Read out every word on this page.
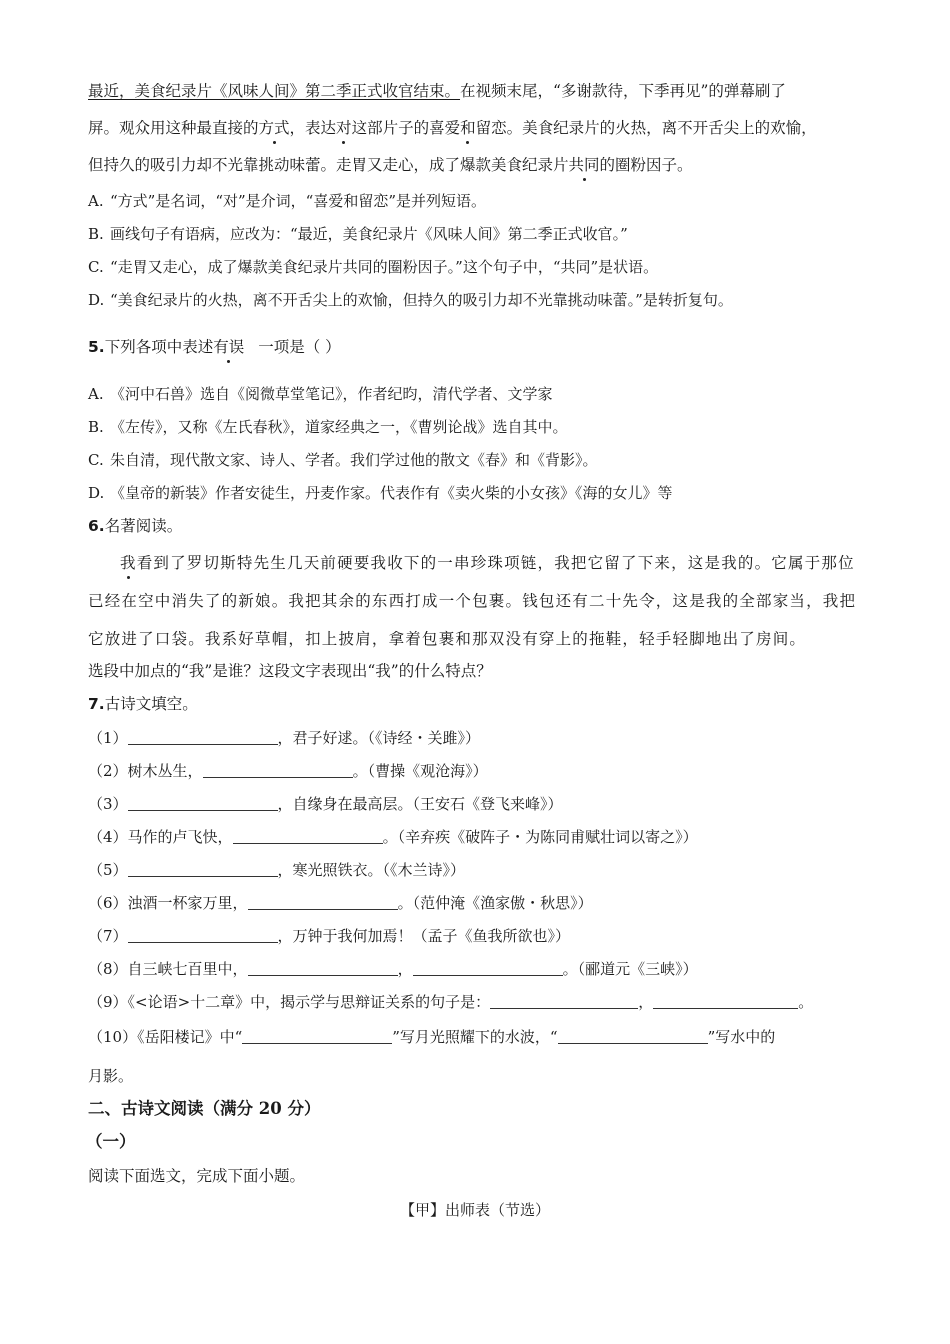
最近，美食纪录片《风味人间》第二季正式收官结束。在视频末尾，“多谢款待，下季再见”的弹幕刷了
屏。观众用这种最直接的方式，表达对这部片子的喜爱和留恋。美食纪录片的火热，离不开舌尖上的欢愉，
但持久的吸引力却不光靠挑动味蕾。走胃又走心，成了爆款美食纪录片共同的圈粉因子。
A. “方式”是名词，“对”是介词，“喜爱和留恋”是并列短语。
B. 画线句子有语病，应改为：“最近，美食纪录片《风味人间》第二季正式收官。”
C. “走胃又走心，成了爆款美食纪录片共同的圈粉因子。”这个句子中，“共同”是状语。
D. “美食纪录片的火热，离不开舌尖上的欢愉，但持久的吸引力却不光靠挑动味蕾。”是转折复句。
5.下列各项中表述有误 一项是（ ）
A. 《河中石兽》选自《阅微草堂笔记》，作者纪昀，清代学者、文学家
B. 《左传》，又称《左氏春秋》，道家经典之一，《曹刿论战》选自其中。
C. 朱自清，现代散文家、诗人、学者。我们学过他的散文《春》和《背影》。
D. 《皇帝的新装》作者安徒生，丹麦作家。代表作有《卖火柴的小女孩》《海的女儿》等
6.名著阅读。
我看到了罗切斯特先生几天前硬要我收下的一串珍珠项链，我把它留了下来，这是我的。它属于那位
已经在空中消失了的新娘。我把其余的东西打成一个包裹。钱包还有二十先令，这是我的全部家当，我把
它放进了口袋。我系好草帽，扣上披肩，拿着包裹和那双没有穿上的拖鞋，轻手轻脚地出了房间。
选段中加点的“我”是谁？这段文字表现出“我”的什么特点？
7.古诗文填空。
（1）	，君子好逑。（《诗经・关雎》）
（2）树木丛生，	。（曹操《观沧海》）
（3）	，自缘身在最高层。（王安石《登飞来峰》）
（4）马作的卢飞快，	。（辛弃疾《破阵子・为陈同甫赋壮词以寄之》）
（5）	，寒光照铁衣。（《木兰诗》）
（6）浊酒一杯家万里，	。（范仲淹《渔家傲・秋思》）
（7）	，万钟于我何加焉！（孟子《鱼我所欲也》）
（8）自三峡七百里中，	，	。（郦道元《三峡》）
（9）《<论语>十二章》中，揭示学与思辩证关系的句子是：	，	。
（10）《岳阳楼记》中“	”写月光照耀下的水波，“	”写水中的
月影。
二、古诗文阅读（满分 20 分）
（一）
阅读下面选文，完成下面小题。
【甲】出师表（节选）
